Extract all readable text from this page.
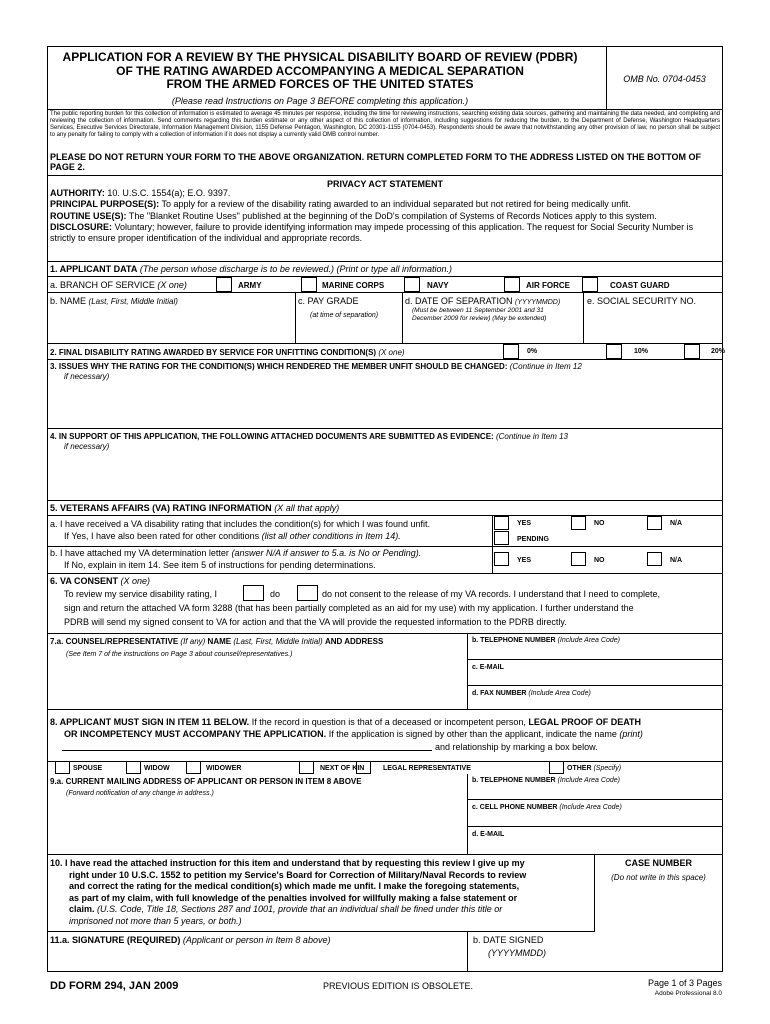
APPLICATION FOR A REVIEW BY THE PHYSICAL DISABILITY BOARD OF REVIEW (PDBR)
OF THE RATING AWARDED ACCOMPANYING A MEDICAL SEPARATION
FROM THE ARMED FORCES OF THE UNITED STATES
(Please read Instructions on Page 3 BEFORE completing this application.)
OMB No. 0704-0453
The public reporting burden for this collection of information is estimated to average 45 minutes per response, including the time for reviewing instructions, searching existing data sources, gathering and maintaining the data needed, and completing and reviewing the collection of information. Send comments regarding this burden estimate or any other aspect of this collection of information, including suggestions for reducing the burden, to the Department of Defense, Washington Headquarters Services, Executive Services Directorate, Information Management Division, 1155 Defense Pentagon, Washington, DC 20301-1155 (0704-0453). Respondents should be aware that notwithstanding any other provision of law, no person shall be subject to any penalty for failing to comply with a collection of information if it does not display a currently valid OMB control number.
PLEASE DO NOT RETURN YOUR FORM TO THE ABOVE ORGANIZATION. RETURN COMPLETED FORM TO THE ADDRESS LISTED ON THE BOTTOM OF PAGE 2.
PRIVACY ACT STATEMENT
AUTHORITY: 10. U.S.C. 1554(a); E.O. 9397.
PRINCIPAL PURPOSE(S): To apply for a review of the disability rating awarded to an individual separated but not retired for being medically unfit.
ROUTINE USE(S): The "Blanket Routine Uses" published at the beginning of the DoD's compilation of Systems of Records Notices apply to this system.
DISCLOSURE: Voluntary; however, failure to provide identifying information may impede processing of this application. The request for Social Security Number is strictly to ensure proper identification of the individual and appropriate records.
1. APPLICANT DATA (The person whose discharge is to be reviewed.) (Print or type all information.)
a. BRANCH OF SERVICE (X one)	ARMY	MARINE CORPS	NAVY	AIR FORCE	COAST GUARD
b. NAME (Last, First, Middle Initial)	c. PAY GRADE
(at time of separation)
d. DATE OF SEPARATION (YYYYMMDD)
(Must be between 11 September 2001 and 31
December 2009 for review) (May be extended)
e. SOCIAL SECURITY NO.
2. FINAL DISABILITY RATING AWARDED BY SERVICE FOR UNFITTING CONDITION(S) (X one)	0%	10%	20%
3. ISSUES WHY THE RATING FOR THE CONDITION(S) WHICH RENDERED THE MEMBER UNFIT SHOULD BE CHANGED: (Continue in Item 12
if necessary)
4. IN SUPPORT OF THIS APPLICATION, THE FOLLOWING ATTACHED DOCUMENTS ARE SUBMITTED AS EVIDENCE: (Continue in Item 13
if necessary)
5. VETERANS AFFAIRS (VA) RATING INFORMATION (X all that apply)
a. I have received a VA disability rating that includes the condition(s) for which I was found unfit.
If Yes, I have also been rated for other conditions (list all other conditions in Item 14).
YES	NO	N/A
PENDING
b. I have attached my VA determination letter (answer N/A if answer to 5.a. is No or Pending).
If No, explain in item 14. See item 5 of instructions for pending determinations.	YES	NO	N/A
6. VA CONSENT (X one)
To review my service disability rating, I	do	do not consent to the release of my VA records. I understand that I need to complete,
sign and return the attached VA form 3288 (that has been partially completed as an aid for my use) with my application. I further understand the
PDRB will send my signed consent to VA for action and that the VA will provide the requested information to the PDRB directly.
7.a. COUNSEL/REPRESENTATIVE (If any) NAME (Last, First, Middle Initial) AND ADDRESS
(See Item 7 of the instructions on Page 3 about counsel/representatives.)
b. TELEPHONE NUMBER (Include Area Code)
c. E-MAIL
d. FAX NUMBER (Include Area Code)
8. APPLICANT MUST SIGN IN ITEM 11 BELOW. If the record in question is that of a deceased or incompetent person, LEGAL PROOF OF DEATH
OR INCOMPETENCY MUST ACCOMPANY THE APPLICATION. If the application is signed by other than the applicant, indicate the name (print)
and relationship by marking a box below.
SPOUSE	WIDOW	WIDOWER	NEXT OF KIN	LEGAL REPRESENTATIVE	OTHER (Specify)
9.a. CURRENT MAILING ADDRESS OF APPLICANT OR PERSON IN ITEM 8 ABOVE
(Forward notification of any change in address.)
b. TELEPHONE NUMBER (Include Area Code)
c. CELL PHONE NUMBER (Include Area Code)
d. E-MAIL
10. I have read the attached instruction for this item and understand that by requesting this review I give up my
right under 10 U.S.C. 1552 to petition my Service's Board for Correction of Military/Naval Records to review
and correct the rating for the medical condition(s) which made me unfit. I make the foregoing statements,
as part of my claim, with full knowledge of the penalties involved for willfully making a false statement or
claim. (U.S. Code, Title 18, Sections 287 and 1001, provide that an individual shall be fined under this title or
imprisoned not more than 5 years, or both.)
CASE NUMBER
(Do not write in this space)
11.a. SIGNATURE (REQUIRED) (Applicant or person in Item 8 above)	b. DATE SIGNED
(YYYYMMDD)
DD FORM 294, JAN 2009	PREVIOUS EDITION IS OBSOLETE.	Page 1 of 3 Pages
Adobe Professional 8.0
